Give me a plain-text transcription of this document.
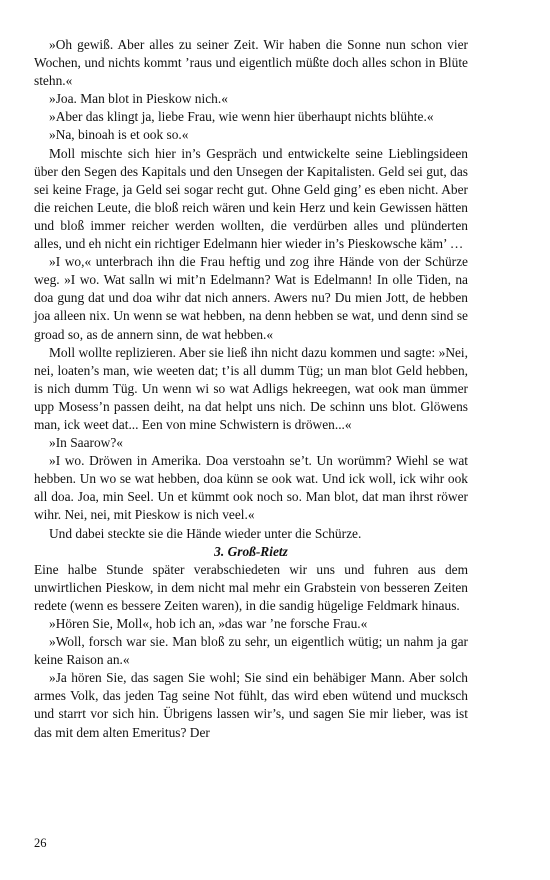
»Oh gewiß. Aber alles zu seiner Zeit. Wir haben die Sonne nun schon vier Wochen, und nichts kommt ’raus und eigentlich müßte doch alles schon in Blüte stehn.«

»Joa. Man blot in Pieskow nich.«

»Aber das klingt ja, liebe Frau, wie wenn hier überhaupt nichts blühte.«

»Na, binoah is et ook so.«

Moll mischte sich hier in’s Gespräch und entwickelte seine Lieblingsideen über den Segen des Kapitals und den Unsegen der Kapitalisten. Geld sei gut, das sei keine Frage, ja Geld sei sogar recht gut. Ohne Geld ging’ es eben nicht. Aber die reichen Leute, die bloß reich wären und kein Herz und kein Gewissen hätten und bloß immer reicher werden wollten, die verdürben alles und plünderten alles, und eh nicht ein richtiger Edelmann hier wieder in’s Pieskowsche käm’ …

»I wo,« unterbrach ihn die Frau heftig und zog ihre Hände von der Schürze weg. »I wo. Wat salln wi mit’n Edelmann? Wat is Edelmann! In olle Tiden, na doa gung dat und doa wihr dat nich anners. Awers nu? Du mien Jott, de hebben joa alleen nix. Un wenn se wat hebben, na denn hebben se wat, und denn sind se groad so, as de annern sinn, de wat hebben.«

Moll wollte replizieren. Aber sie ließ ihn nicht dazu kommen und sagte: »Nei, nei, loaten’s man, wie weeten dat; t’is all dumm Tüg; un man blot Geld hebben, is nich dumm Tüg. Un wenn wi so wat Adligs hekreegen, wat ook man ümmer upp Mosess’n passen deiht, na dat helpt uns nich. De schinn uns blot. Glöwens man, ick weet dat... Een von mine Schwistern is dröwen...«

»In Saarow?«

»I wo. Dröwen in Amerika. Doa verstoahn se’t. Un worümm? Wiehl se wat hebben. Un wo se wat hebben, doa künn se ook wat. Und ick woll, ick wihr ook all doa. Joa, min Seel. Un et kümmt ook noch so. Man blot, dat man ihrst röwer wihr. Nei, nei, mit Pieskow is nich veel.«

Und dabei steckte sie die Hände wieder unter die Schürze.

3. Groß-Rietz

Eine halbe Stunde später verabschiedeten wir uns und fuhren aus dem unwirtlichen Pieskow, in dem nicht mal mehr ein Grabstein von besseren Zeiten redete (wenn es bessere Zeiten waren), in die sandig hügelige Feldmark hinaus.

»Hören Sie, Moll«, hob ich an, »das war ’ne forsche Frau.«

»Woll, forsch war sie. Man bloß zu sehr, un eigentlich wütig; un nahm ja gar keine Raison an.«

»Ja hören Sie, das sagen Sie wohl; Sie sind ein behäbiger Mann. Aber solch armes Volk, das jeden Tag seine Not fühlt, das wird eben wütend und mucksch und starrt vor sich hin. Übrigens lassen wir’s, und sagen Sie mir lieber, was ist das mit dem alten Emeritus? Der

26
